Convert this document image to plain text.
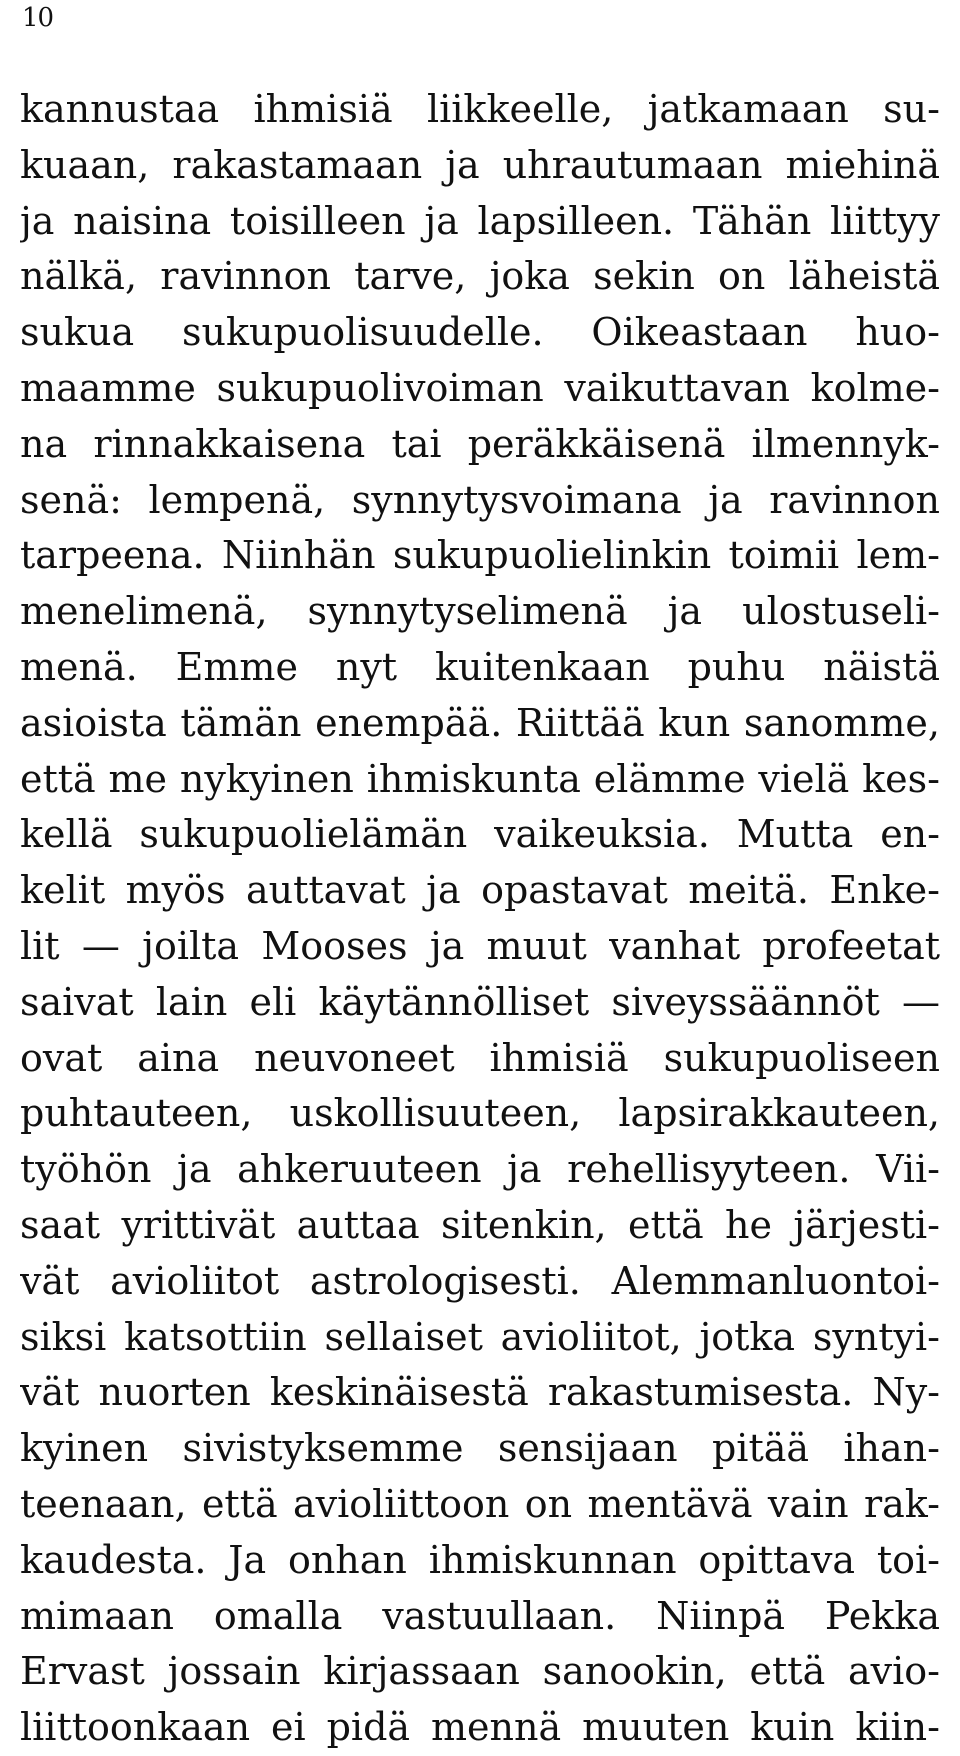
10
kannustaa ihmisiä liikkeelle, jatkamaan su-
kuaan, rakastamaan ja uhrautumaan miehinä
ja naisina toisilleen ja lapsilleen. Tähän liittyy
nälkä, ravinnon tarve, joka sekin on läheistä
sukua sukupuolisuudelle. Oikeastaan huo-
maamme sukupuolivoiman vaikuttavan kolme-
na rinnakkaisena tai peräkkäisenä ilmennyk-
senä: lempenä, synnytysvoimana ja ravinnon
tarpeena. Niinhän sukupuolielinkin toimii lem-
menelimenä, synnytyselimenä ja ulostuseli-
menä. Emme nyt kuitenkaan puhu näistä
asioista tämän enempää. Riittää kun sanomme,
että me nykyinen ihmiskunta elämme vielä kes-
kellä sukupuolielämän vaikeuksia. Mutta en-
kelit myös auttavat ja opastavat meitä. Enke-
lit — joilta Mooses ja muut vanhat profeetat
saivat lain eli käytännölliset siveyssäännöt —
ovat aina neuvoneet ihmisiä sukupuoliseen
puhtauteen, uskollisuuteen, lapsirakkauteen,
työhön ja ahkeruuteen ja rehellisyyteen. Vii-
saat yrittivät auttaa sitenkin, että he järjesti-
vät avioliitot astrologisesti. Alemmanluontoi-
siksi katsottiin sellaiset avioliitot, jotka syntyi-
vät nuorten keskinäisestä rakastumisesta. Ny-
kyinen sivistyksemme sensijaan pitää ihan-
teenaan, että avioliittoon on mentävä vain rak-
kaudesta. Ja onhan ihmiskunnan opittava toi-
mimaan omalla vastuullaan. Niinpä Pekka
Ervast jossain kirjassaan sanookin, että avio-
liittoonkaan ei pidä mennä muuten kuin kiin-
